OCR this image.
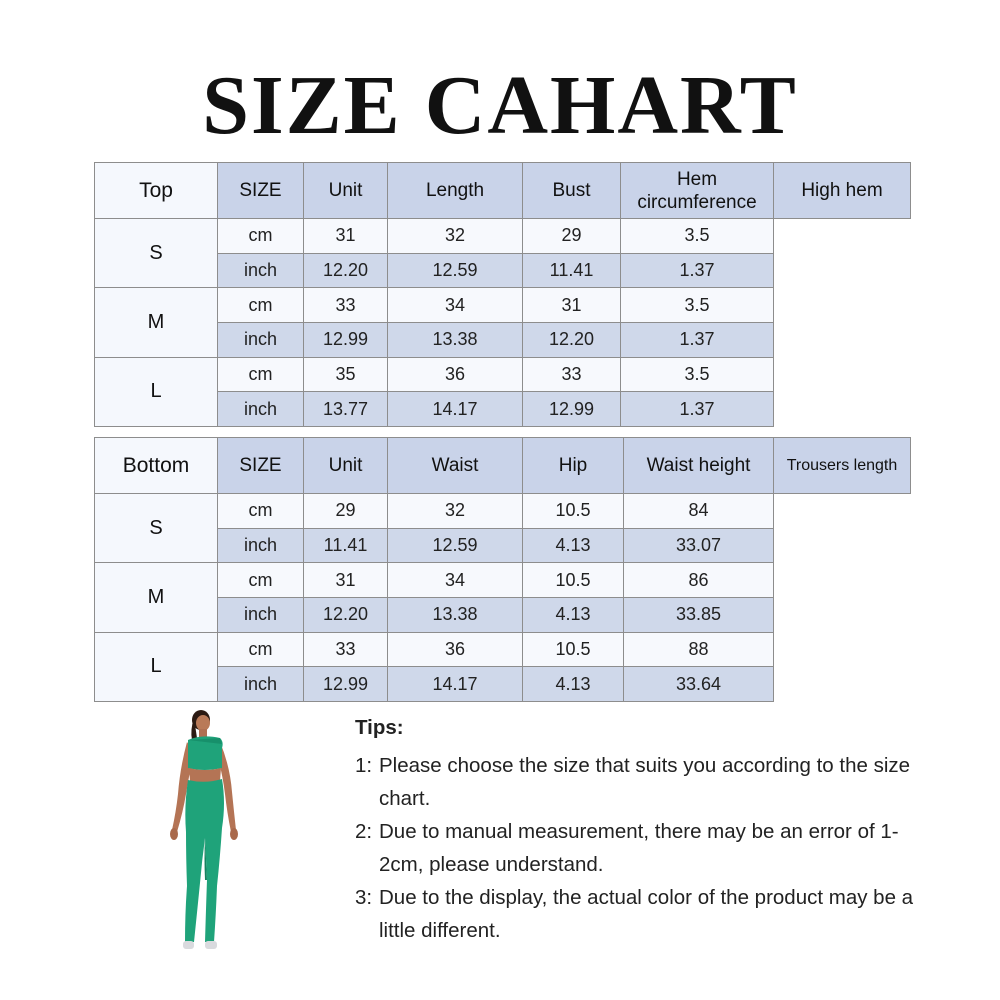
SIZE CAHART
Top	SIZE	Unit	Length	Bust	Hem circumference	High hem
S	cm	31	32	29	3.5	
	inch	12.20	12.59	11.41	1.37	
M	cm	33	34	31	3.5	
	inch	12.99	13.38	12.20	1.37	
L	cm	35	36	33	3.5	
	inch	13.77	14.17	12.99	1.37	
Bottom	SIZE	Unit	Waist	Hip	Waist height	Trousers length
S	cm	29	32	10.5	84	
	inch	11.41	12.59	4.13	33.07	
M	cm	31	34	10.5	86	
	inch	12.20	13.38	4.13	33.85	
L	cm	33	36	10.5	88	
	inch	12.99	14.17	4.13	33.64	
Tips:
1: Please choose the size that suits you according to the size chart.
2: Due to manual measurement, there may be an error of 1-2cm, please understand.
3: Due to the display, the actual color of the product may be a little different.
